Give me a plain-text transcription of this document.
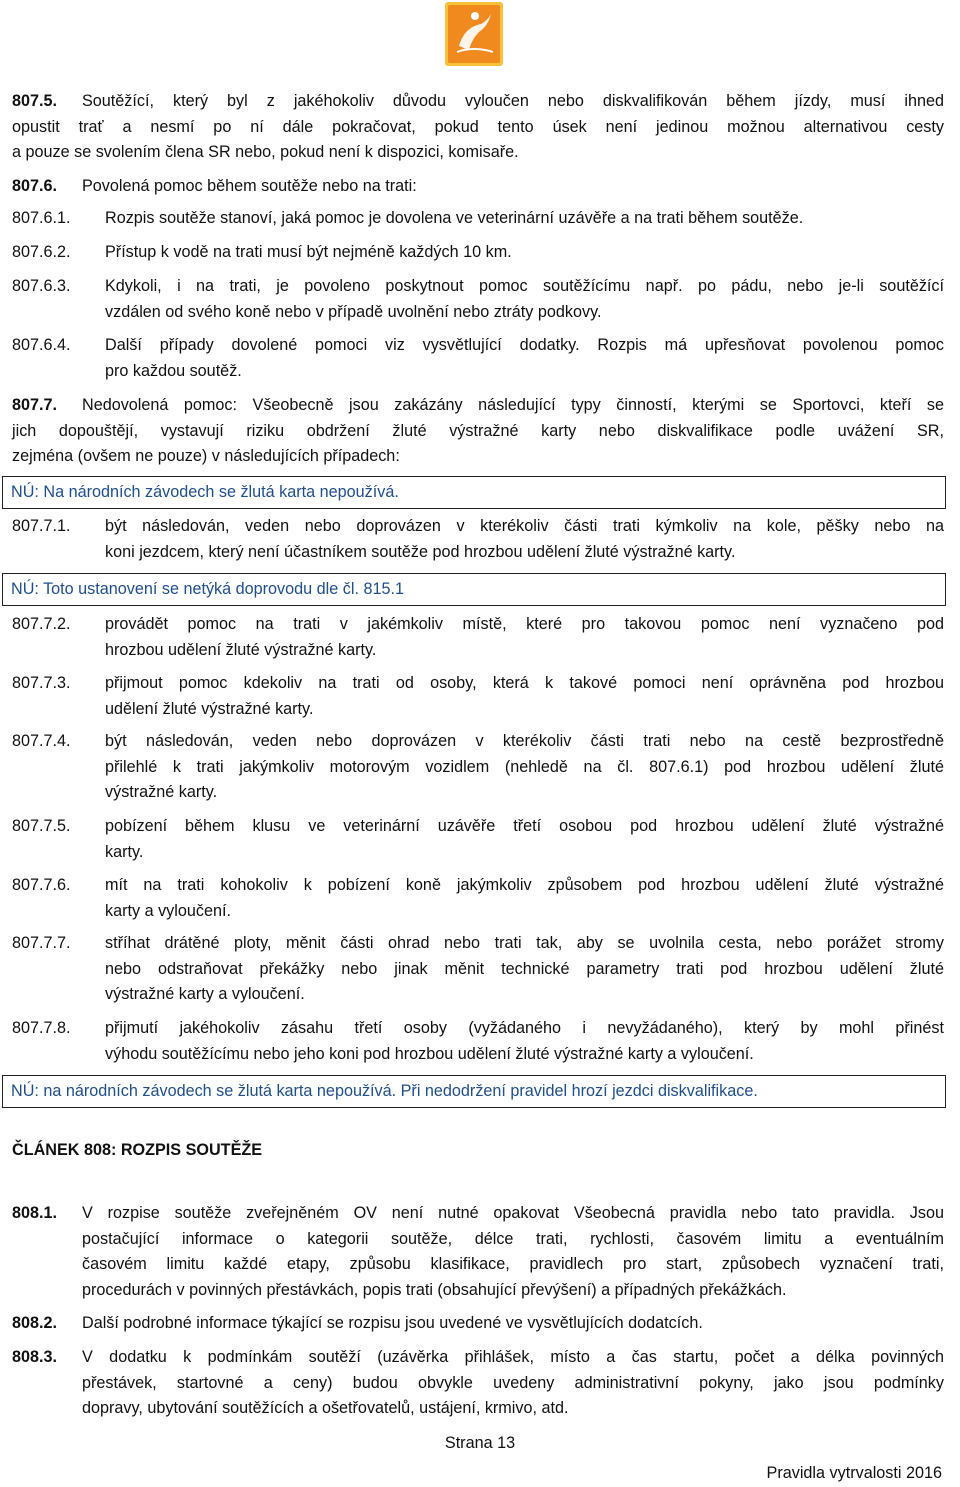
807.5.	Soutěžící, který byl z jakéhokoliv důvodu vyloučen nebo diskvalifikován během jízdy, musí ihned
opustit trať a nesmí po ní dále pokračovat, pokud tento úsek není jedinou možnou alternativou cesty
a pouze se svolením člena SR nebo, pokud není k dispozici, komisaře.
807.6.	Povolená pomoc během soutěže nebo na trati:
807.6.1.	Rozpis soutěže stanoví, jaká pomoc je dovolena ve veterinární uzávěře a na trati během soutěže.
807.6.2.	Přístup k vodě na trati musí být nejméně každých 10 km.
807.6.3.	Kdykoli, i na trati, je povoleno poskytnout pomoc soutěžícímu např. po pádu, nebo je-li soutěžící
vzdálen od svého koně nebo v případě uvolnění nebo ztráty podkovy.
807.6.4.	Další případy dovolené pomoci viz vysvětlující dodatky. Rozpis má upřesňovat povolenou pomoc
pro každou soutěž.
807.7.	Nedovolená pomoc: Všeobecně jsou zakázány následující typy činností, kterými se Sportovci, kteří se
jich dopouštějí, vystavují riziku obdržení žluté výstražné karty nebo diskvalifikace podle uvážení SR,
zejména (ovšem ne pouze) v následujících případech:
NÚ: Na národních závodech se žlutá karta nepoužívá.
807.7.1.	být následován, veden nebo doprovázen v kterékoliv části trati kýmkoliv na kole, pěšky nebo na
koni jezdcem, který není účastníkem soutěže pod hrozbou udělení žluté výstražné karty.
NÚ: Toto ustanovení se netýká doprovodu dle čl. 815.1
807.7.2.	provádět pomoc na trati v jakémkoliv místě, které pro takovou pomoc není vyznačeno pod
hrozbou udělení žluté výstražné karty.
807.7.3.	přijmout pomoc kdekoliv na trati od osoby, která k takové pomoci není oprávněna pod hrozbou
udělení žluté výstražné karty.
807.7.4.	být následován, veden nebo doprovázen v kterékoliv části trati nebo na cestě bezprostředně
přilehlé k trati jakýmkoliv motorovým vozidlem (nehledě na čl. 807.6.1) pod hrozbou udělení žluté
výstražné karty.
807.7.5.	pobízení během klusu ve veterinární uzávěře třetí osobou pod hrozbou udělení žluté výstražné
karty.
807.7.6.	mít na trati kohokoliv k pobízení koně jakýmkoliv způsobem pod hrozbou udělení žluté výstražné
karty a vyloučení.
807.7.7.	stříhat drátěné ploty, měnit části ohrad nebo trati tak, aby se uvolnila cesta, nebo porážet stromy
nebo odstraňovat překážky nebo jinak měnit technické parametry trati pod hrozbou udělení žluté
výstražné karty a vyloučení.
807.7.8.	přijmutí jakéhokoliv zásahu třetí osoby (vyžádaného i nevyžádaného), který by mohl přinést
výhodu soutěžícímu nebo jeho koni pod hrozbou udělení žluté výstražné karty a vyloučení.
NÚ: na národních závodech se žlutá karta nepoužívá. Při nedodržení pravidel hrozí jezdci diskvalifikace.
ČLÁNEK 808: ROZPIS SOUTĚŽE
808.1.	V rozpise soutěže zveřejněném OV není nutné opakovat Všeobecná pravidla nebo tato pravidla. Jsou
postačující informace o kategorii soutěže, délce trati, rychlosti, časovém limitu a eventuálním
časovém limitu každé etapy, způsobu klasifikace, pravidlech pro start, způsobech vyznačení trati,
procedurách v povinných přestávkách, popis trati (obsahující převýšení) a případných překážkách.
808.2.	Další podrobné informace týkající se rozpisu jsou uvedené ve vysvětlujících dodatcích.
808.3.	V dodatku k podmínkám soutěží (uzávěrka přihlášek, místo a čas startu, počet a délka povinných
přestávek, startovné a ceny) budou obvykle uvedeny administrativní pokyny, jako jsou podmínky
dopravy, ubytování soutěžících a ošetřovatelů, ustájení, krmivo, atd.
Strana 13
Pravidla vytrvalosti 2016
